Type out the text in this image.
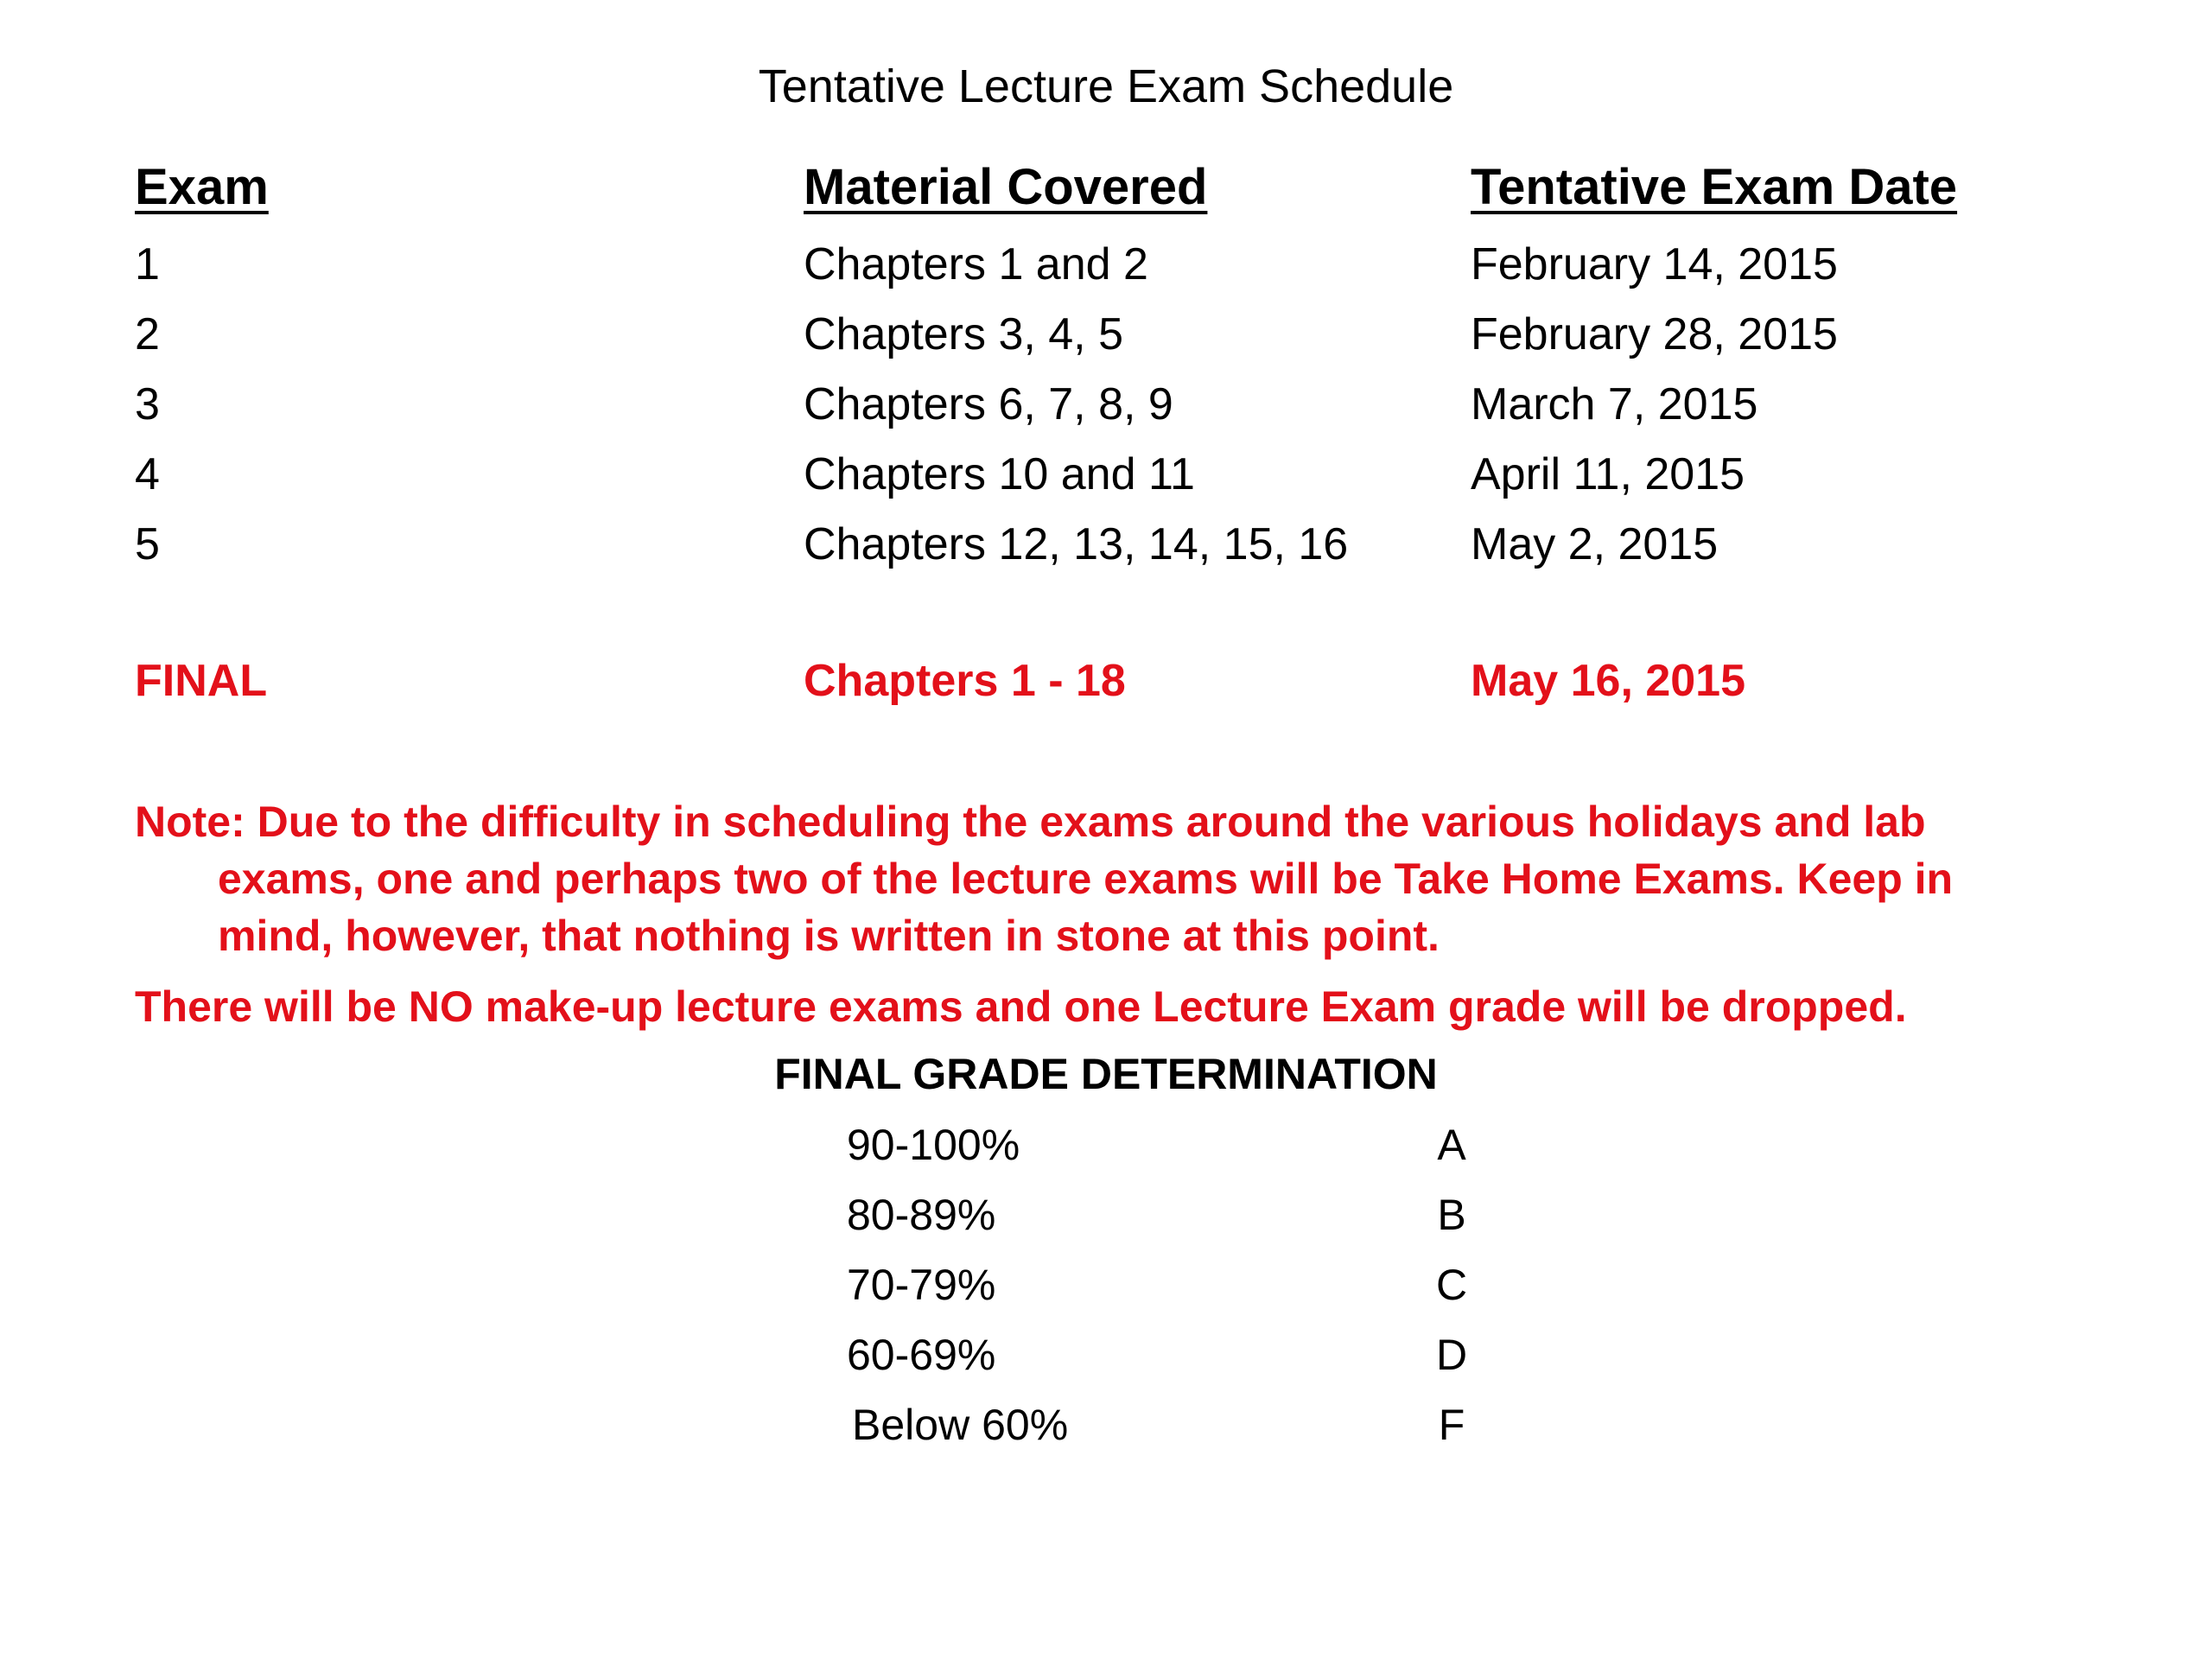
Tentative Lecture Exam Schedule
Exam	Material Covered	Tentative Exam Date
1	Chapters 1 and 2	February 14, 2015
2	Chapters 3, 4, 5	February 28, 2015
3	Chapters 6, 7, 8, 9	March 7, 2015
4	Chapters 10 and 11	April 11, 2015
5	Chapters 12, 13, 14, 15, 16	May 2, 2015
FINAL	Chapters 1 - 18	May 16, 2015
Note: Due to the difficulty in scheduling the exams around the various holidays and lab exams, one and perhaps two of the lecture exams will be Take Home Exams. Keep in mind, however, that nothing is written in stone at this point.
There will be NO make-up lecture exams and one Lecture Exam grade will be dropped.
FINAL GRADE DETERMINATION
90-100%	A
80-89%	B
70-79%	C
60-69%	D
Below 60%	F
